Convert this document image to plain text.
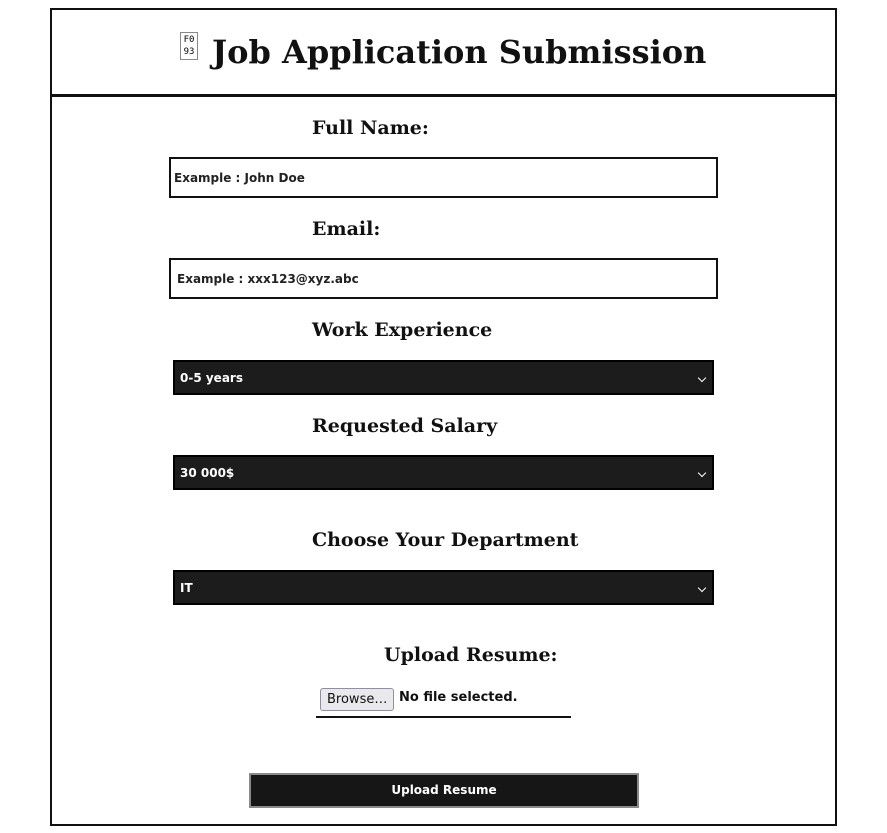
F0
93 Job Application Submission
Full Name:
Example : John Doe
Email:
Example : xxx123@xyz.abc
Work Experience
0-5 years
Requested Salary
30 000$
Choose Your Department
IT
Upload Resume:
Browse… No file selected.
Upload Resume
